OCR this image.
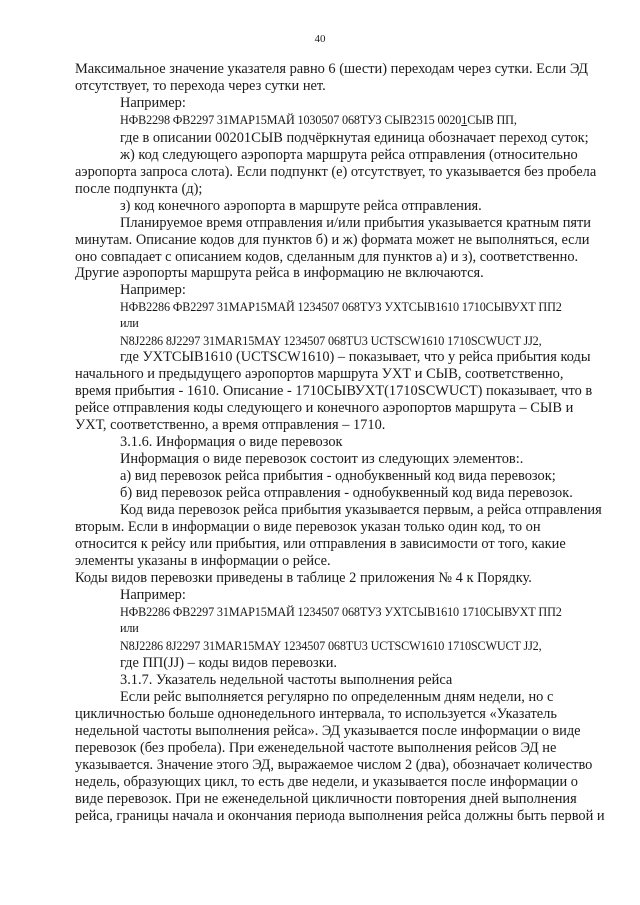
40
Максимальное значение указателя равно 6 (шести) переходам через сутки. Если ЭД
отсутствует, то перехода через сутки нет.
Например:
НФВ2298 ФВ2297 31МАР15МАЙ 1030507 068ТУЗ СЫВ2315 00201СЫВ ПП,
где в описании 00201СЫВ подчёркнутая единица обозначает переход суток;
ж) код следующего аэропорта маршрута рейса отправления (относительно
аэропорта запроса слота). Если подпункт (е) отсутствует, то указывается без пробела
после подпункта (д);
з) код конечного аэропорта в маршруте рейса отправления.
Планируемое время отправления и/или прибытия указывается кратным пяти
минутам. Описание кодов для пунктов б) и ж) формата может не выполняться, если
оно совпадает с описанием кодов, сделанным для пунктов а) и з), соответственно.
Другие аэропорты маршрута рейса в информацию не включаются.
Например:
НФВ2286 ФВ2297 31МАР15МАЙ 1234507 068ТУЗ УХТСЫВ1610 1710СЫВУХТ ПП2
или
N8J2286 8J2297 31MAR15MAY 1234507 068TU3 UCTSCW1610 1710SCWUCT JJ2,
где УХТСЫВ1610 (UCTSCW1610) – показывает, что у рейса прибытия коды
начального и предыдущего аэропортов маршрута УХТ и СЫВ, соответственно,
время прибытия - 1610. Описание - 1710СЫВУХТ(1710SCWUCT) показывает, что в
рейсе отправления коды следующего и конечного аэропортов маршрута – СЫВ и
УХТ, соответственно, а время отправления – 1710.
3.1.6. Информация о виде перевозок
Информация о виде перевозок состоит из следующих элементов:.
а) вид перевозок рейса прибытия - однобуквенный код вида перевозок;
б) вид перевозок рейса отправления - однобуквенный код вида перевозок.
Код вида перевозок рейса прибытия указывается первым, а рейса отправления
вторым. Если в информации о виде перевозок указан только один код, то он
относится к рейсу или прибытия, или отправления в зависимости от того, какие
элементы указаны в информации о рейсе.
Коды видов перевозки приведены в таблице 2 приложения № 4 к Порядку.
Например:
НФВ2286 ФВ2297 31МАР15МАЙ 1234507 068ТУЗ УХТСЫВ1610 1710СЫВУХТ ПП2
или
N8J2286 8J2297 31MAR15MAY 1234507 068TU3 UCTSCW1610 1710SCWUCT JJ2,
где ПП(JJ) – коды видов перевозки.
3.1.7. Указатель недельной частоты выполнения рейса
Если рейс выполняется регулярно по определенным дням недели, но с
цикличностью больше однонедельного интервала, то используется «Указатель
недельной частоты выполнения рейса». ЭД указывается после информации о виде
перевозок (без пробела). При еженедельной частоте выполнения рейсов ЭД не
указывается. Значение этого ЭД, выражаемое числом 2 (два), обозначает количество
недель, образующих цикл, то есть две недели, и указывается после информации о
виде перевозок. При не еженедельной цикличности повторения дней выполнения
рейса, границы начала и окончания периода выполнения рейса должны быть первой и
